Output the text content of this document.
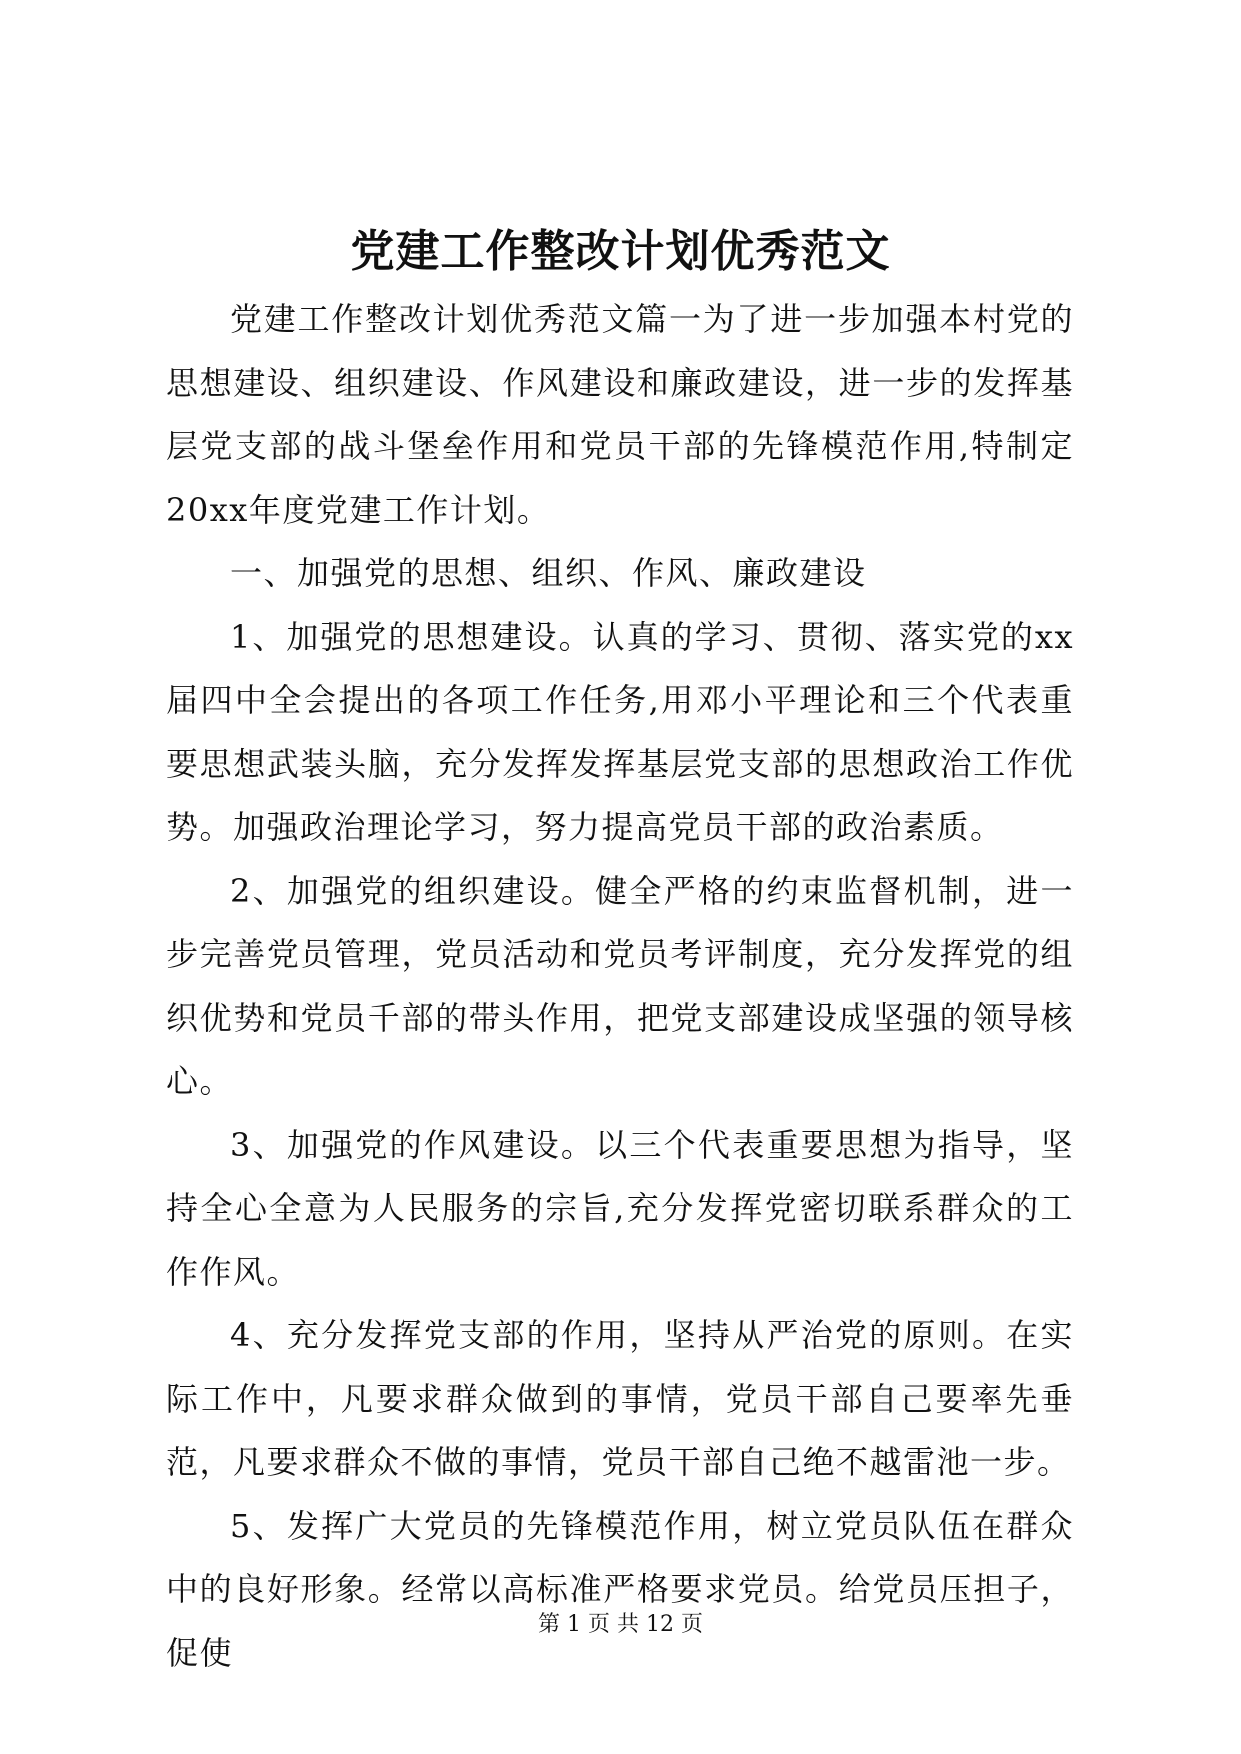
党建工作整改计划优秀范文

党建工作整改计划优秀范文篇一为了进一步加强本村党的思想建设、组织建设、作风建设和廉政建设，进一步的发挥基层党支部的战斗堡垒作用和党员干部的先锋模范作用,特制定20xx年度党建工作计划。

一、加强党的思想、组织、作风、廉政建设

1、加强党的思想建设。认真的学习、贯彻、落实党的xx届四中全会提出的各项工作任务,用邓小平理论和三个代表重要思想武装头脑，充分发挥发挥基层党支部的思想政治工作优势。加强政治理论学习，努力提高党员干部的政治素质。

2、加强党的组织建设。健全严格的约束监督机制，进一步完善党员管理，党员活动和党员考评制度，充分发挥党的组织优势和党员千部的带头作用，把党支部建设成坚强的领导核心。

3、加强党的作风建设。以三个代表重要思想为指导，坚持全心全意为人民服务的宗旨,充分发挥党密切联系群众的工作作风。

4、充分发挥党支部的作用，坚持从严治党的原则。在实际工作中，凡要求群众做到的事情，党员干部自己要率先垂范，凡要求群众不做的事情，党员干部自己绝不越雷池一步。

5、发挥广大党员的先锋模范作用，树立党员队伍在群众中的良好形象。经常以高标准严格要求党员。给党员压担子，促使

第 1 页 共 12 页
